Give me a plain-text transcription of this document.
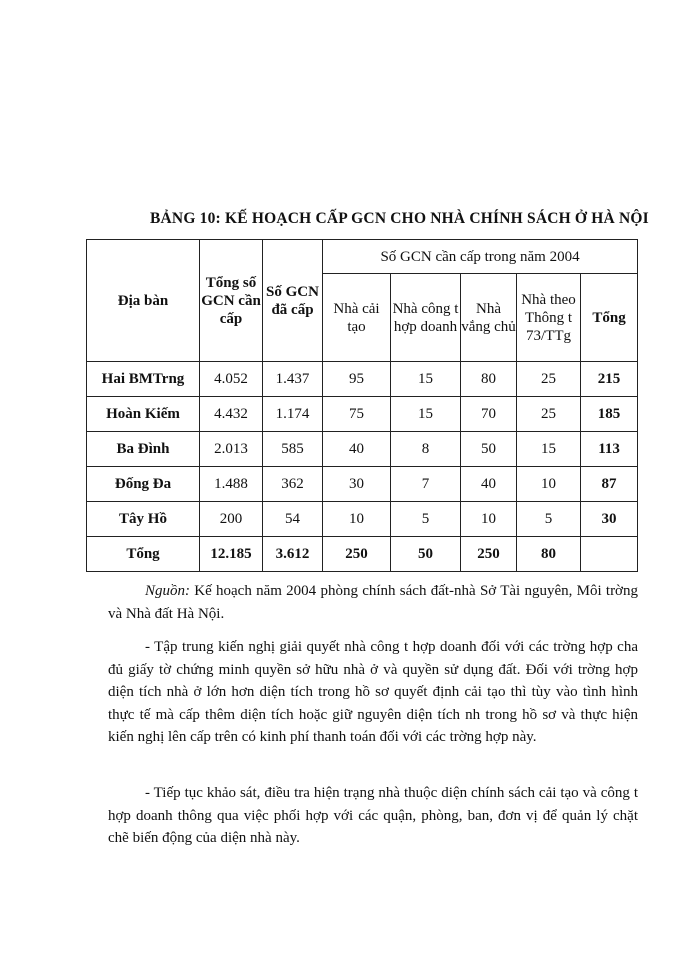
BẢNG 10: KẾ HOẠCH CẤP GCN CHO NHÀ CHÍNH SÁCH Ở HÀ NỘI
Địa bàn	Tổng số GCN cần cấp	Số GCN đã cấp	Số GCN cần cấp trong năm 2004				
			Nhà cải tạo	Nhà công t hợp doanh	Nhà vắng chủ	Nhà theo Thông t 73/TTg	Tổng
Hai BMTrng	4.052	1.437	95	15	80	25	215
Hoàn Kiếm	4.432	1.174	75	15	70	25	185
Ba Đình	2.013	585	40	8	50	15	113
Đống Đa	1.488	362	30	7	40	10	87
Tây Hồ	200	54	10	5	10	5	30
Tổng	12.185	3.612	250	50	250	80	
Nguồn: Kế hoạch năm 2004 phòng chính sách đất-nhà Sở Tài nguyên, Môi trờng và Nhà đất Hà Nội.
- Tập trung kiến nghị giải quyết nhà công t hợp doanh đối với các trờng hợp cha đủ giấy tờ chứng minh quyền sở hữu nhà ở và quyền sử dụng đất. Đối với trờng hợp diện tích nhà ở lớn hơn diện tích trong hồ sơ quyết định cải tạo thì tùy vào tình hình thực tế mà cấp thêm diện tích hoặc giữ nguyên diện tích nh trong hồ sơ và thực hiện kiến nghị lên cấp trên có kinh phí thanh toán đối với các trờng hợp này.
- Tiếp tục khảo sát, điều tra hiện trạng nhà thuộc diện chính sách cải tạo và công t hợp doanh thông qua việc phối hợp với các quận, phòng, ban, đơn vị để quản lý chặt chẽ biến động của diện nhà này.
